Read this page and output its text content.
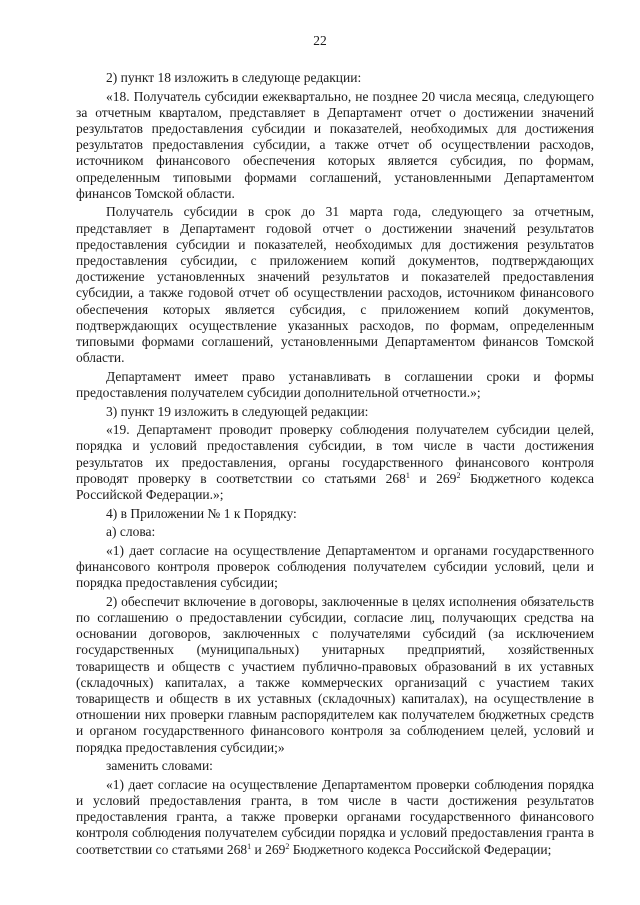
22

2) пункт 18 изложить в следующе редакции:

«18. Получатель субсидии ежеквартально, не позднее 20 числа месяца, следующего за отчетным кварталом, представляет в Департамент отчет о достижении значений результатов предоставления субсидии и показателей, необходимых для достижения результатов предоставления субсидии, а также отчет об осуществлении расходов, источником финансового обеспечения которых является субсидия, по формам, определенным типовыми формами соглашений, установленными Департаментом финансов Томской области.

Получатель субсидии в срок до 31 марта года, следующего за отчетным, представляет в Департамент годовой отчет о достижении значений результатов предоставления субсидии и показателей, необходимых для достижения результатов предоставления субсидии, с приложением копий документов, подтверждающих достижение установленных значений результатов и показателей предоставления субсидии, а также годовой отчет об осуществлении расходов, источником финансового обеспечения которых является субсидия, с приложением копий документов, подтверждающих осуществление указанных расходов, по формам, определенным типовыми формами соглашений, установленными Департаментом финансов Томской области.

Департамент имеет право устанавливать в соглашении сроки и формы предоставления получателем субсидии дополнительной отчетности.»;

3) пункт 19 изложить в следующей редакции:

«19. Департамент проводит проверку соблюдения получателем субсидии целей, порядка и условий предоставления субсидии, в том числе в части достижения результатов их предоставления, органы государственного финансового контроля проводят проверку в соответствии со статьями $268^1$ и $269^2$ Бюджетного кодекса Российской Федерации.»;

4) в Приложении № 1 к Порядку:

а) слова:

«1) дает согласие на осуществление Департаментом и органами государственного финансового контроля проверок соблюдения получателем субсидии условий, цели и порядка предоставления субсидии;

2) обеспечит включение в договоры, заключенные в целях исполнения обязательств по соглашению о предоставлении субсидии, согласие лиц, получающих средства на основании договоров, заключенных с получателями субсидий (за исключением государственных (муниципальных) унитарных предприятий, хозяйственных товариществ и обществ с участием публично-правовых образований в их уставных (складочных) капиталах, а также коммерческих организаций с участием таких товариществ и обществ в их уставных (складочных) капиталах), на осуществление в отношении них проверки главным распорядителем как получателем бюджетных средств и органом государственного финансового контроля за соблюдением целей, условий и порядка предоставления субсидии;»

заменить словами:

«1) дает согласие на осуществление Департаментом проверки соблюдения порядка и условий предоставления гранта, в том числе в части достижения результатов предоставления гранта, а также проверки органами государственного финансового контроля соблюдения получателем субсидии порядка и условий предоставления гранта в соответствии со статьями $268^1$ и $269^2$ Бюджетного кодекса Российской Федерации;
